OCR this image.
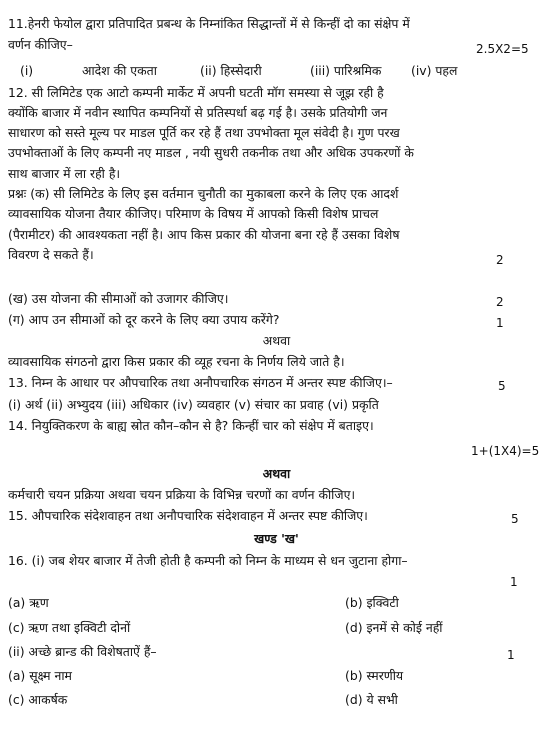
11.हेनरी फेयोल द्वारा प्रतिपादित प्रबन्ध के निम्नांकित सिद्धान्तों में से किन्हीं दो का संक्षेप में
वर्णन कीजिए–	2.5X2=5
(i)	आदेश की एकता	(ii) हिस्सेदारी	(iii) पारिश्रमिक (iv) पहल
12. सी लिमिटेड एक आटो कम्पनी मार्केट में अपनी घटती मॉग समस्या से जूझ रही है
क्योंकि बाजार में नवीन स्थापित कम्पनियों से प्रतिस्पर्धा बढ़ गई है। उसके प्रतियोगी जन
साधारण को सस्ते मूल्य पर माडल पूर्ति कर रहे हैं तथा उपभोक्ता मूल संवेदी है। गुण परख
उपभोक्ताओं के लिए कम्पनी नए माडल , नयी सुधरी तकनीक तथा और अधिक उपकरणों के
साथ बाजार में ला रही है।
प्रश्नः (क) सी लिमिटेड के लिए इस वर्तमान चुनौती का मुकाबला करने के लिए एक आदर्श
व्यावसायिक योजना तैयार कीजिए। परिमाण के विषय में आपको किसी विशेष प्राचल
(पैरामीटर) की आवश्यकता नहीं है। आप किस प्रकार की योजना बना रहे हैं उसका विशेष
विवरण दे सकते हैं।	2
(ख) उस योजना की सीमाओं को उजागर कीजिए।	2
(ग) आप उन सीमाओं को दूर करने के लिए क्या उपाय करेंगे?	1
अथवा
व्यावसायिक संगठनो द्वारा किस प्रकार की व्यूह रचना के निर्णय लिये जाते है।
13. निम्न के आधार पर औपचारिक तथा अनौपचारिक संगठन में अन्तर स्पष्ट कीजिए।–	5
(i) अर्थ (ii) अभ्युदय (iii) अधिकार (iv) व्यवहार (v) संचार का प्रवाह (vi) प्रकृति
14. नियुक्तिकरण के बाह्य स्रोत कौन–कौन से है? किन्हीं चार को संक्षेप में बताइए।
1+(1X4)=5
अथवा
कर्मचारी चयन प्रक्रिया अथवा चयन प्रक्रिया के विभिन्न चरणों का वर्णन कीजिए।
15. औपचारिक संदेशवाहन तथा अनौपचारिक संदेशवाहन में अन्तर स्पष्ट कीजिए।	5
खण्ड 'ख'
16. (i) जब शेयर बाजार में तेजी होती है कम्पनी को निम्न के माध्यम से धन जुटाना होगा–
1
(a) ऋण	(b) इक्विटी
(c) ऋण तथा इक्विटी दोनों	(d) इनमें से कोई नहीं
(ii) अच्छे ब्रान्ड की विशेषताऐं हैं–	1
(a) सूक्ष्म नाम	(b) स्मरणीय
(c) आकर्षक	(d) ये सभी
